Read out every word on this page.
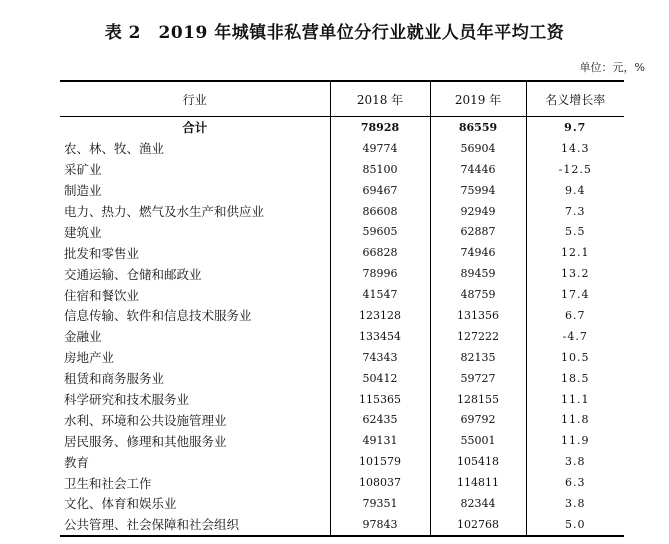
表 2　2019 年城镇非私营单位分行业就业人员年平均工资
单位：元，%
行业	2018 年	2019 年	名义增长率
合计	78928	86559	9.7
农、林、牧、渔业	49774	56904	14.3
采矿业	85100	74446	-12.5
制造业	69467	75994	9.4
电力、热力、燃气及水生产和供应业	86608	92949	7.3
建筑业	59605	62887	5.5
批发和零售业	66828	74946	12.1
交通运输、仓储和邮政业	78996	89459	13.2
住宿和餐饮业	41547	48759	17.4
信息传输、软件和信息技术服务业	123128	131356	6.7
金融业	133454	127222	-4.7
房地产业	74343	82135	10.5
租赁和商务服务业	50412	59727	18.5
科学研究和技术服务业	115365	128155	11.1
水利、环境和公共设施管理业	62435	69792	11.8
居民服务、修理和其他服务业	49131	55001	11.9
教育	101579	105418	3.8
卫生和社会工作	108037	114811	6.3
文化、体育和娱乐业	79351	82344	3.8
公共管理、社会保障和社会组织	97843	102768	5.0
